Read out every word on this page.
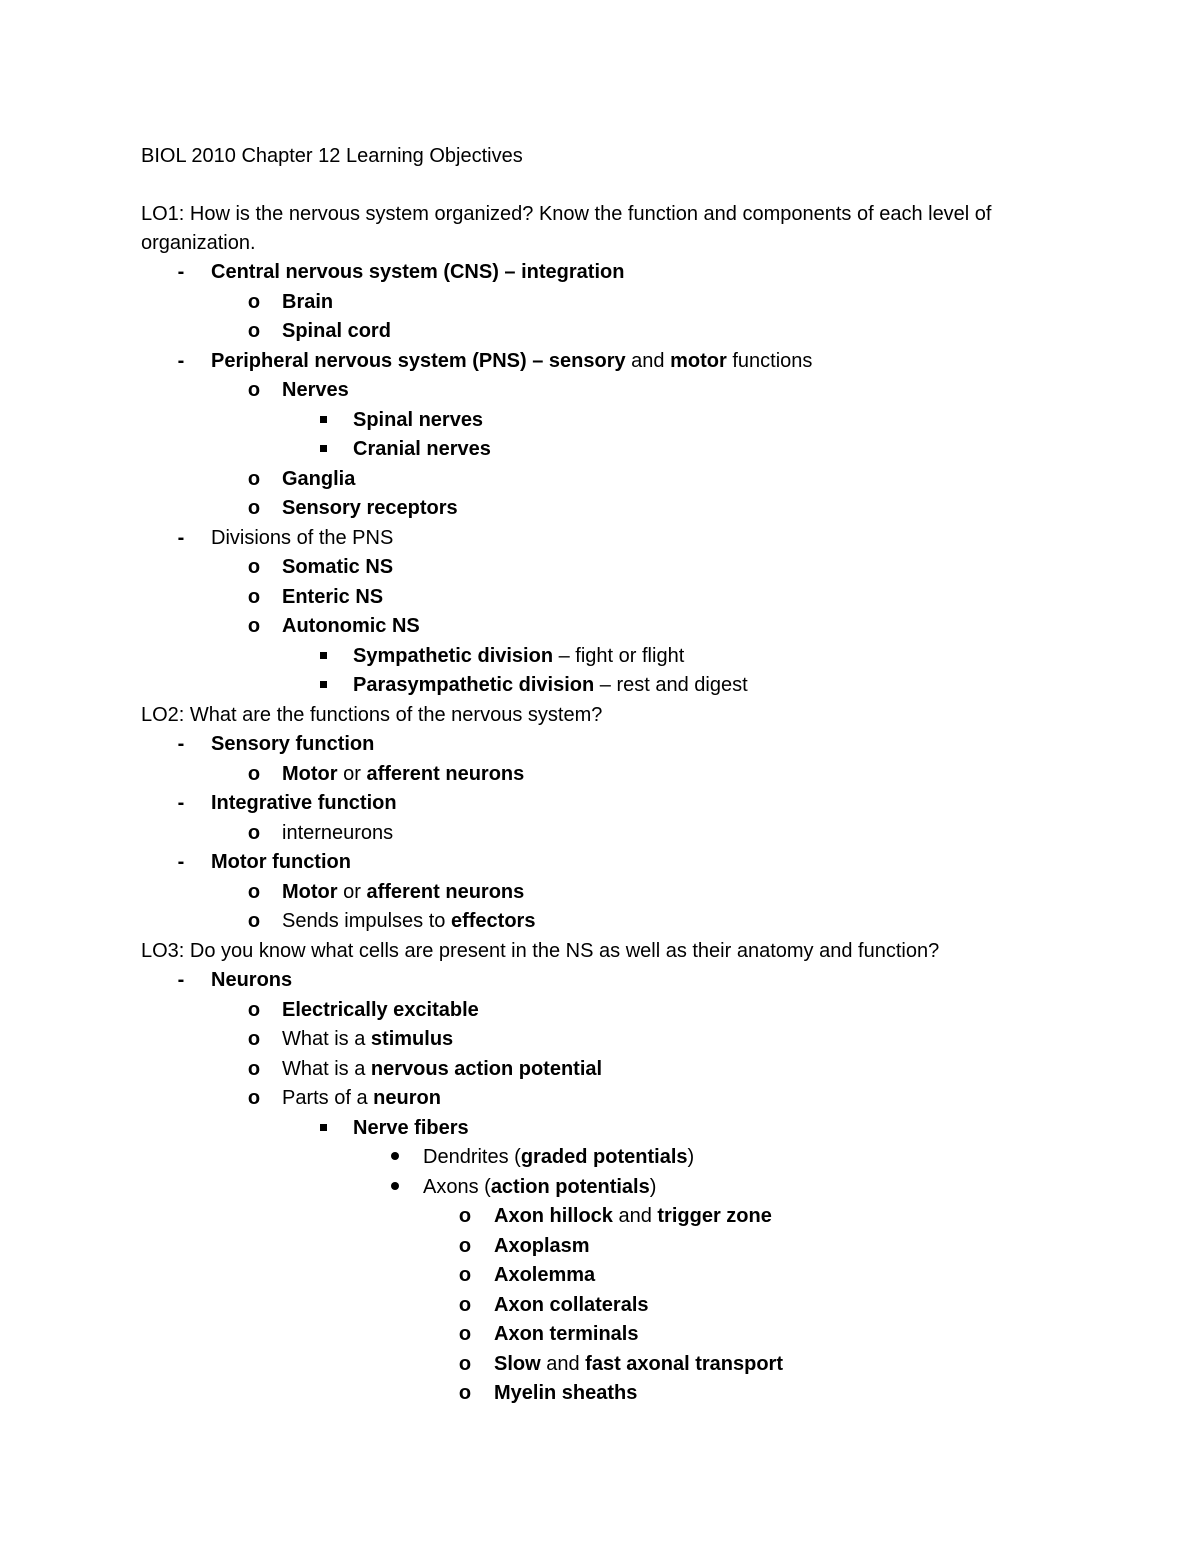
BIOL 2010 Chapter 12 Learning Objectives
LO1: How is the nervous system organized? Know the function and components of each level of organization.
-	Central nervous system (CNS) – integration
o Brain
o Spinal cord
-	Peripheral nervous system (PNS) – sensory and motor functions
o Nerves
Spinal nerves
Cranial nerves
o Ganglia
o Sensory receptors
-	Divisions of the PNS
o Somatic NS
o Enteric NS
o Autonomic NS
Sympathetic division – fight or flight
Parasympathetic division – rest and digest
LO2: What are the functions of the nervous system?
-	Sensory function
o Motor or afferent neurons
-	Integrative function
o interneurons
-	Motor function
o Motor or afferent neurons
o Sends impulses to effectors
LO3: Do you know what cells are present in the NS as well as their anatomy and function?
-	Neurons
o Electrically excitable
o What is a stimulus
o What is a nervous action potential
o Parts of a neuron
Nerve fibers
Dendrites (graded potentials)
Axons (action potentials)
o Axon hillock and trigger zone
o Axoplasm
o Axolemma
o Axon collaterals
o Axon terminals
o Slow and fast axonal transport
o Myelin sheaths
